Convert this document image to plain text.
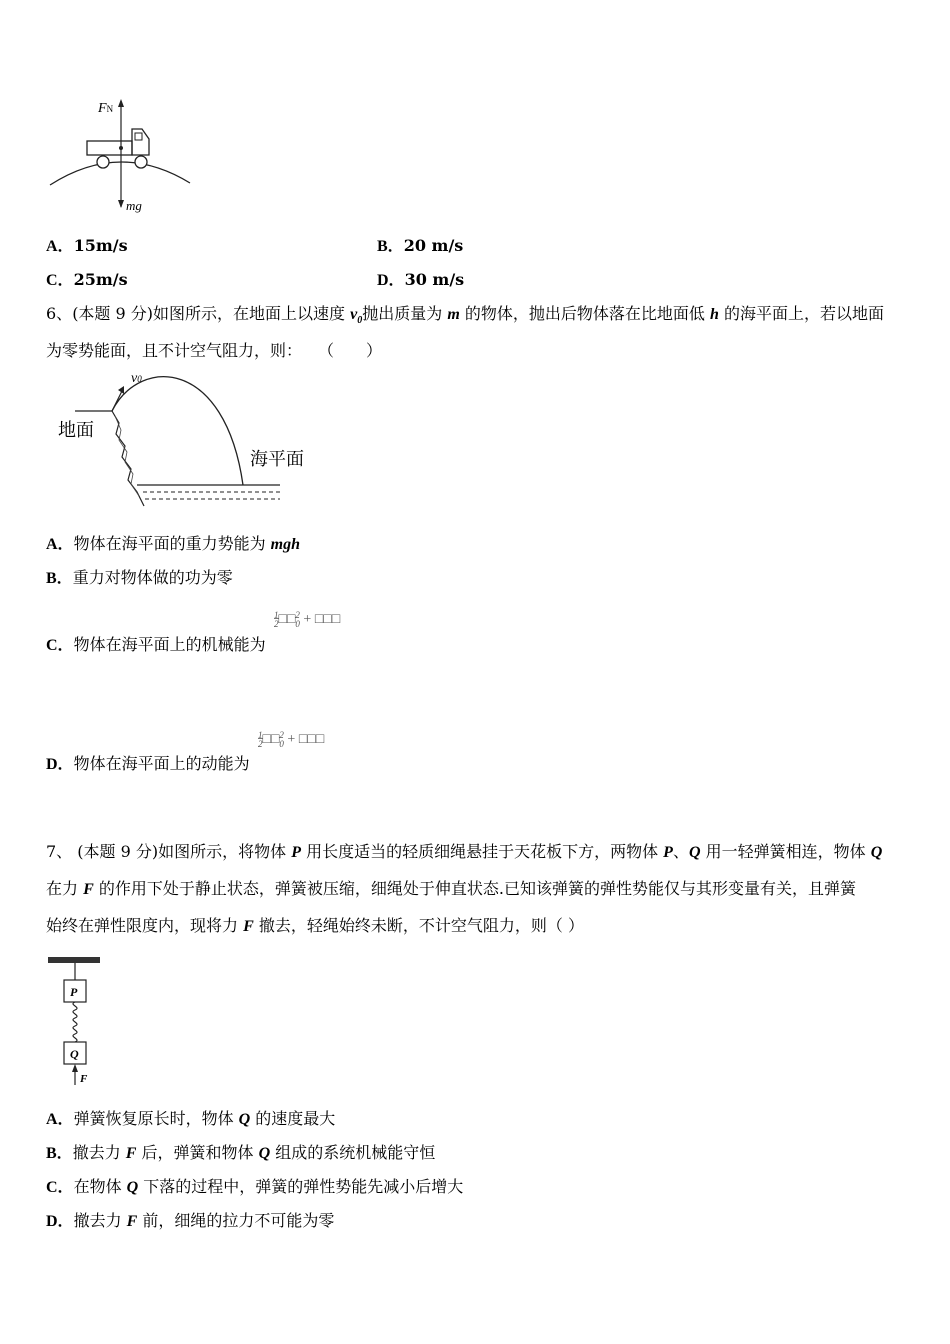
FN
mg
A．15m/s	B．20 m/s
C．25m/s	D．30 m/s
6、(本题 9 分)如图所示，在地面上以速度 $v_0$抛出质量为 m 的物体，抛出后物体落在比地面低 h 的海平面上，若以地面
为零势能面，且不计空气阻力，则：　　（　　）
v0
地面
海平面
A．物体在海平面的重力势能为 mgh
B．重力对物体做的功为零
C．物体在海平面上的机械能为
$\frac{1}{2}□□2$
0 + □□□
D．物体在海平面上的动能为
$\frac{1}{2}□□2$
0 + □□□
7、 (本题 9 分)如图所示，将物体 P 用长度适当的轻质细绳悬挂于天花板下方，两物体 P、Q 用一轻弹簧相连，物体 Q
在力 F 的作用下处于静止状态，弹簧被压缩，细绳处于伸直状态.已知该弹簧的弹性势能仅与其形变量有关，且弹簧
始终在弹性限度内，现将力 F 撤去，轻绳始终未断，不计空气阻力，则（ ）
P
Q
F
A．弹簧恢复原长时，物体 Q 的速度最大
B．撤去力 F 后，弹簧和物体 Q 组成的系统机械能守恒
C．在物体 Q 下落的过程中，弹簧的弹性势能先减小后增大
D．撤去力 F 前，细绳的拉力不可能为零
